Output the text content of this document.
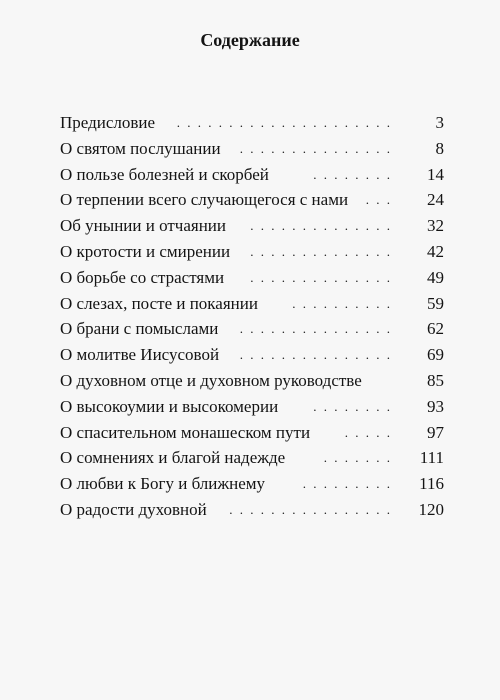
Содержание
Предисловие . . . . . . . . . . . . . . . . . . . . .	3
О святом послушании . . . . . . . . . . . . . . .	8
О пользе болезней и скорбей	. . . . . . . .	14
О терпении всего случающегося с нами . . .	24
Об унынии и отчаянии . . . . . . . . . . . . . .	32
О кротости и смирении . . . . . . . . . . . . . .	42
О борьбе со страстями . . . . . . . . . . . . . .	49
О слезах, посте и покаянии	. . . . . . . . . .	59
О брани с помыслами . . . . . . . . . . . . . . .	62
О молитве Иисусовой . . . . . . . . . . . . . . .	69
О духовном отце и духовном руководстве	85
О высокоумии и высокомерии	. . . . . . . .	93
О спасительном монашеском пути	. . . . .	97
О сомнениях и благой надежде	. . . . . . .	111
О любви к Богу и ближнему	. . . . . . . . .	116
О радости духовной . . . . . . . . . . . . . . . .	120
